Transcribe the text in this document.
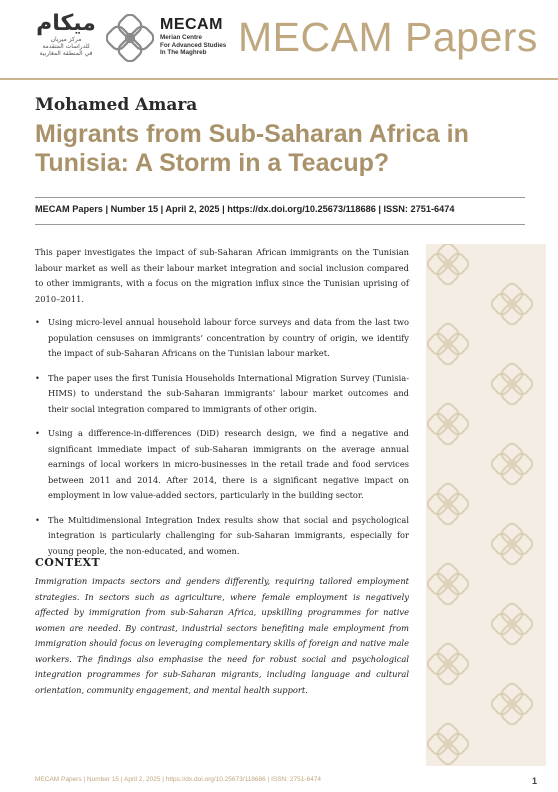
ميكام
مركز ميريان
للدراسات المتقدمة
في المنطقة المغاربية
MECAM
Merian Centre
For Advanced Studies
In The Maghreb MECAM Papers
Mohamed Amara
Migrants from Sub-Saharan Africa in Tunisia: A Storm in a Teacup?
MECAM Papers | Number 15 | April 2, 2025 | https://dx.doi.org/10.25673/118686 | ISSN: 2751-6474

This paper investigates the impact of sub-Saharan African immigrants on the Tunisian labour market as well as their labour market integration and social inclusion compared to other immigrants, with a focus on the migration influx since the Tunisian uprising of 2010–2011.

• Using micro-level annual household labour force surveys and data from the last two population censuses on immigrants’ concentration by country of origin, we identify the impact of sub-Saharan Africans on the Tunisian labour market.
• The paper uses the first Tunisia Households International Migration Survey (Tunisia-HIMS) to understand the sub-Saharan immigrants’ labour market outcomes and their social integration compared to immigrants of other origin.
• Using a difference-in-differences (DiD) research design, we find a negative and significant immediate impact of sub-Saharan immigrants on the average annual earnings of local workers in micro-businesses in the retail trade and food services between 2011 and 2014. After 2014, there is a significant negative impact on employment in low value-added sectors, particularly in the building sector.
• The Multidimensional Integration Index results show that social and psychological integration is particularly challenging for sub-Saharan immigrants, especially for young people, the non-educated, and women.
CONTEXT
Immigration impacts sectors and genders differently, requiring tailored employment strategies. In sectors such as agriculture, where female employment is negatively affected by immigration from sub-Saharan Africa, upskilling programmes for native women are needed. By contrast, industrial sectors benefiting male employment from immigration should focus on leveraging complementary skills of foreign and native male workers. The findings also emphasise the need for robust social and psychological integration programmes for sub-Saharan migrants, including language and cultural orientation, community engagement, and mental health support.
MECAM Papers | Number 15 | April 2, 2025 | https://dx.doi.org/10.25673/118686 | ISSN: 2751-6474	1
